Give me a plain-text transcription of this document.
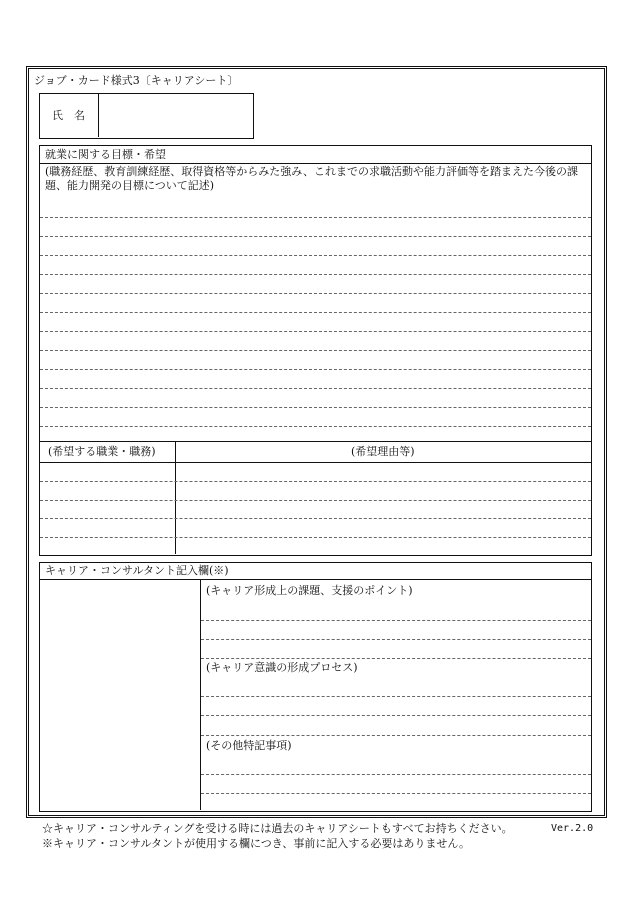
ジョブ・カード様式3〔キャリアシート〕
氏　名
就業に関する目標・希望
(職務経歴、教育訓練経歴、取得資格等からみた強み、これまでの求職活動や能力評価等を踏まえた今後の課題、能力開発の目標について記述)
(希望する職業・職務)	(希望理由等)
キャリア・コンサルタント記入欄(※)
(キャリア形成上の課題、支援のポイント)
(キャリア意識の形成プロセス)
(その他特記事項)
☆キャリア・コンサルティングを受ける時には過去のキャリアシートもすべてお持ちください。	Ver.2.0
※キャリア・コンサルタントが使用する欄につき、事前に記入する必要はありません。
